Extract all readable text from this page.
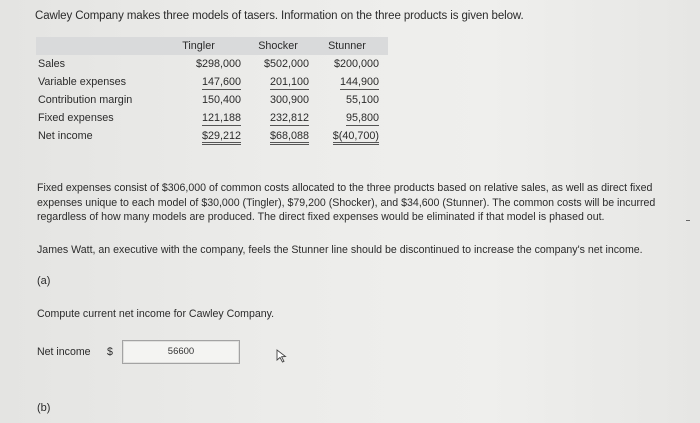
Cawley Company makes three models of tasers. Information on the three products is given below.
	Tingler	Shocker	Stunner
Sales	$298,000	$502,000	$200,000
Variable expenses	147,600	201,100	144,900
Contribution margin	150,400	300,900	55,100
Fixed expenses	121,188	232,812	95,800
Net income	$29,212	$68,088	$(40,700)
Fixed expenses consist of $306,000 of common costs allocated to the three products based on relative sales, as well as direct fixed expenses unique to each model of $30,000 (Tingler), $79,200 (Shocker), and $34,600 (Stunner). The common costs will be incurred regardless of how many models are produced. The direct fixed expenses would be eliminated if that model is phased out.
James Watt, an executive with the company, feels the Stunner line should be discontinued to increase the company's net income.
(a)
Compute current net income for Cawley Company.
Net income $	56600
(b)
